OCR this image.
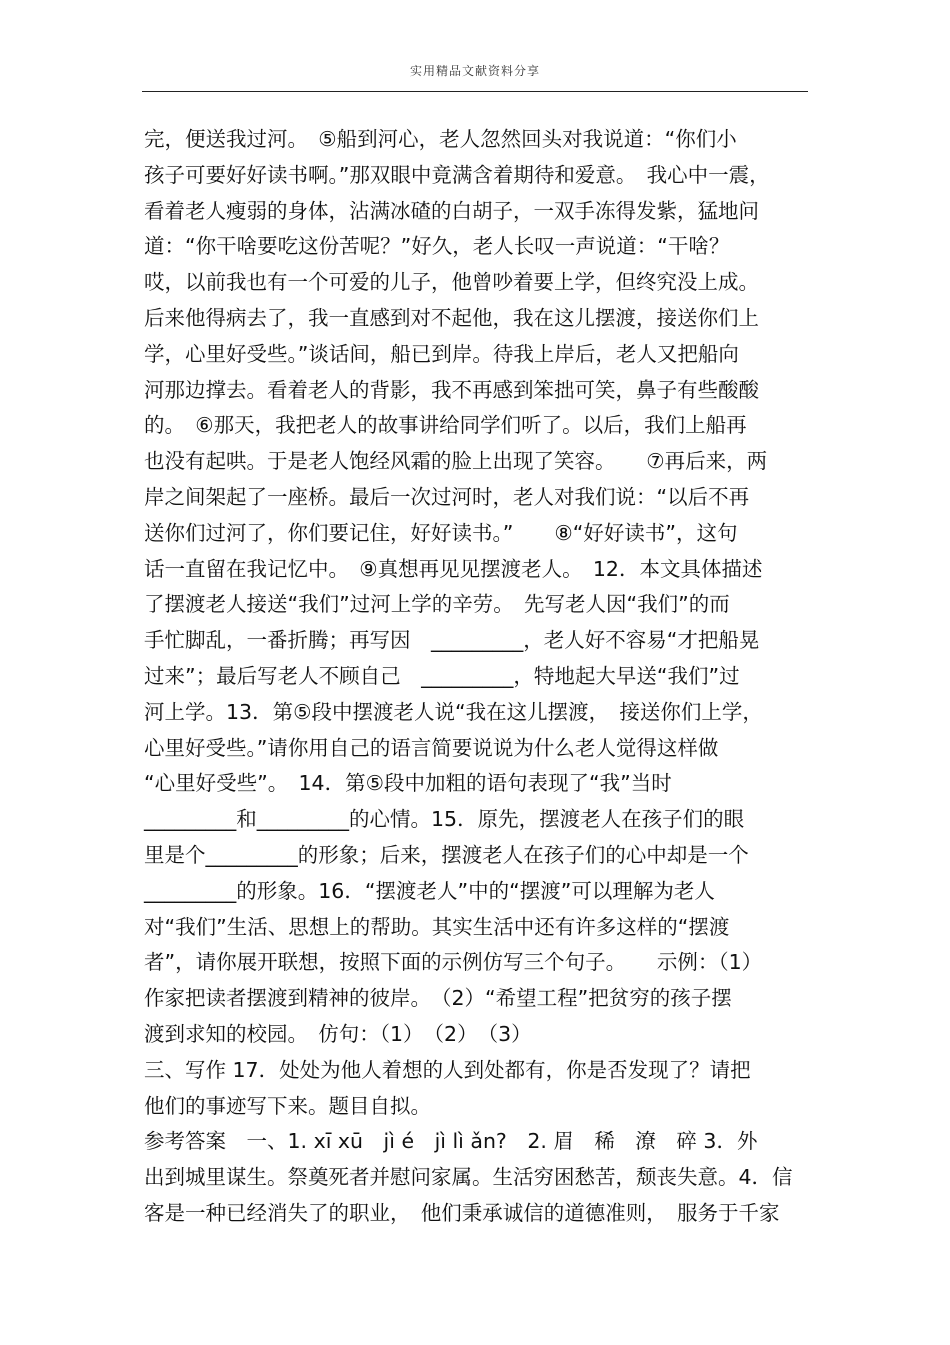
实用精品文献资料分享
完，便送我过河。　⑤船到河心，老人忽然回头对我说道：“你们小
孩子可要好好读书啊。”那双眼中竟满含着期待和爱意。　我心中一震，
看着老人瘦弱的身体，沾满冰碴的白胡子，一双手冻得发紫，猛地问
道：“你干啥要吃这份苦呢？”好久，老人长叹一声说道：“干啥？
哎，以前我也有一个可爱的儿子，他曾吵着要上学，但终究没上成。
后来他得病去了，我一直感到对不起他，我在这儿摆渡，接送你们上
学，心里好受些。”谈话间，船已到岸。待我上岸后，老人又把船向
河那边撑去。看着老人的背影，我不再感到笨拙可笑，鼻子有些酸酸
的。　⑥那天，我把老人的故事讲给同学们听了。以后，我们上船再
也没有起哄。于是老人饱经风霜的脸上出现了笑容。　　⑦再后来，两
岸之间架起了一座桥。最后一次过河时，老人对我们说：“以后不再
送你们过河了，你们要记住，好好读书。”　　⑧“好好读书”，这句
话一直留在我记忆中。　⑨真想再见见摆渡老人。　12．本文具体描述
了摆渡老人接送“我们”过河上学的辛劳。　先写老人因“我们”的而
手忙脚乱，一番折腾；再写因　_________，老人好不容易“才把船晃
过来”；最后写老人不顾自己　_________，特地起大早送“我们”过
河上学。13．第⑤段中摆渡老人说“我在这儿摆渡，　接送你们上学，
心里好受些。”请你用自己的语言简要说说为什么老人觉得这样做
“心里好受些”。　14．第⑤段中加粗的语句表现了“我”当时
_________和_________的心情。15．原先，摆渡老人在孩子们的眼
里是个_________的形象；后来，摆渡老人在孩子们的心中却是一个
_________的形象。16．“摆渡老人”中的“摆渡”可以理解为老人
对“我们”生活、思想上的帮助。其实生活中还有许多这样的“摆渡
者”，请你展开联想，按照下面的示例仿写三个句子。　　示例：（1）
作家把读者摆渡到精神的彼岸。　（2）“希望工程”把贫穷的孩子摆
渡到求知的校园。　仿句：（1）　（2）　（3）
三、写作 17．处处为他人着想的人到处都有，你是否发现了？请把
他们的事迹写下来。题目自拟。
参考答案　一、1. xī xū　jì é　jì lì ǎn?　2. 眉　稀　潦　碎 3．外
出到城里谋生。祭奠死者并慰问家属。生活穷困愁苦，颓丧失意。4．信
客是一种已经消失了的职业，　他们秉承诚信的道德准则，　服务于千家
